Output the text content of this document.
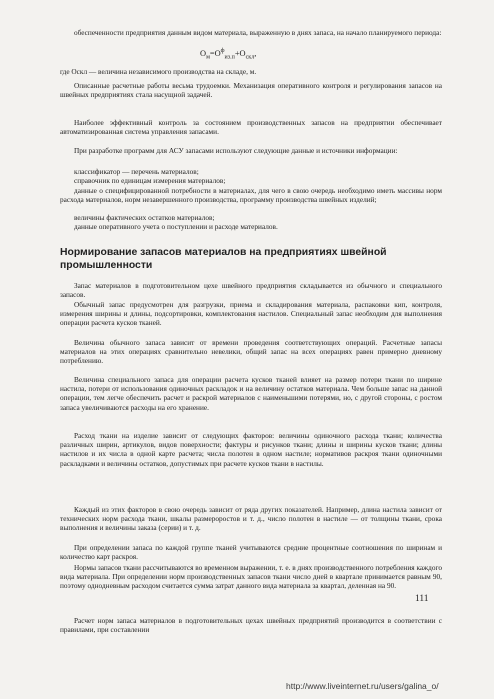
обеспеченности предприятия данным видом материала, выраженную в днях запаса, на начало планируемого периода:
$O_м=O^ф_{из.п}+O_{скл}$,
где Oскл — величина независимого производства на складе, м.
Описанные расчетные работы весьма трудоемки. Механизация оперативного контроля и регулирования запасов на швейных предприятиях стала насущной задачей.
Наиболее эффективный контроль за состоянием производственных запасов на предприятии обеспечивает автоматизированная система управления запасами.
При разработке программ для АСУ запасами используют следующие данные и источники информации:
классификатор — перечень материалов;
справочник по единицам измерения материалов;
данные о специфицированной потребности в материалах, для чего в свою очередь необходимо иметь массивы норм расхода материалов, норм незавершенного производства, программу производства швейных изделий;
величины фактических остатков материалов;
данные оперативного учета о поступлении и расходе материалов.
Нормирование запасов материалов на предприятиях швейной промышленности
Запас материалов в подготовительном цехе швейного предприятия складывается из обычного и специального запасов.
Обычный запас предусмотрен для разгрузки, приема и складирования материала, распаковки кип, контроля, измерения ширины и длины, подсортировки, комплектования настилов. Специальный запас необходим для выполнения операции расчета кусков тканей.
Величина обычного запаса зависит от времени проведения соответствующих операций. Расчетные запасы материалов на этих операциях сравнительно невелики, общий запас на всех операциях равен примерно дневному потреблению.
Величина специального запаса для операции расчета кусков тканей влияет на размер потери ткани по ширине настила, потери от использования одиночных раскладок и на величину остатков материала. Чем больше запас на данной операции, тем легче обеспечить расчет и раскрой материалов с наименьшими потерями, но, с другой стороны, с ростом запаса увеличиваются расходы на его хранение.
Расход ткани на изделие зависит от следующих факторов: величины одиночного расхода ткани; количества различных ширин, артикулов, видов поверхности; фактуры и рисунков ткани; длины и ширины кусков ткани; длины настилов и их числа в одной карте расчета; числа полотен в одном настиле; нормативов раскроя ткани одиночными раскладками и величины остатков, допустимых при расчете кусков ткани в настилы.
Каждый из этих факторов в свою очередь зависит от ряда других показателей. Например, длина настила зависит от технических норм расхода ткани, шкалы размероростов и т. д., число полотен в настиле — от толщины ткани, срока выполнения и величины заказа (серии) и т. д.
При определении запаса по каждой группе тканей учитываются средние процентные соотношения по ширинам и количество карт раскроя.
Нормы запасов ткани рассчитываются во временном выражении, т. е. в днях производственного потребления каждого вида материала. При определении норм производственных запасов ткани число дней в квартале принимается равным 90, поэтому однодневным расходом считается сумма затрат данного вида материала за квартал, деленная на 90.
Расчет норм запаса материалов в подготовительных цехах швейных предприятий производится в соответствии с правилами, при составлении
111
http://www.liveinternet.ru/users/galina_o/
